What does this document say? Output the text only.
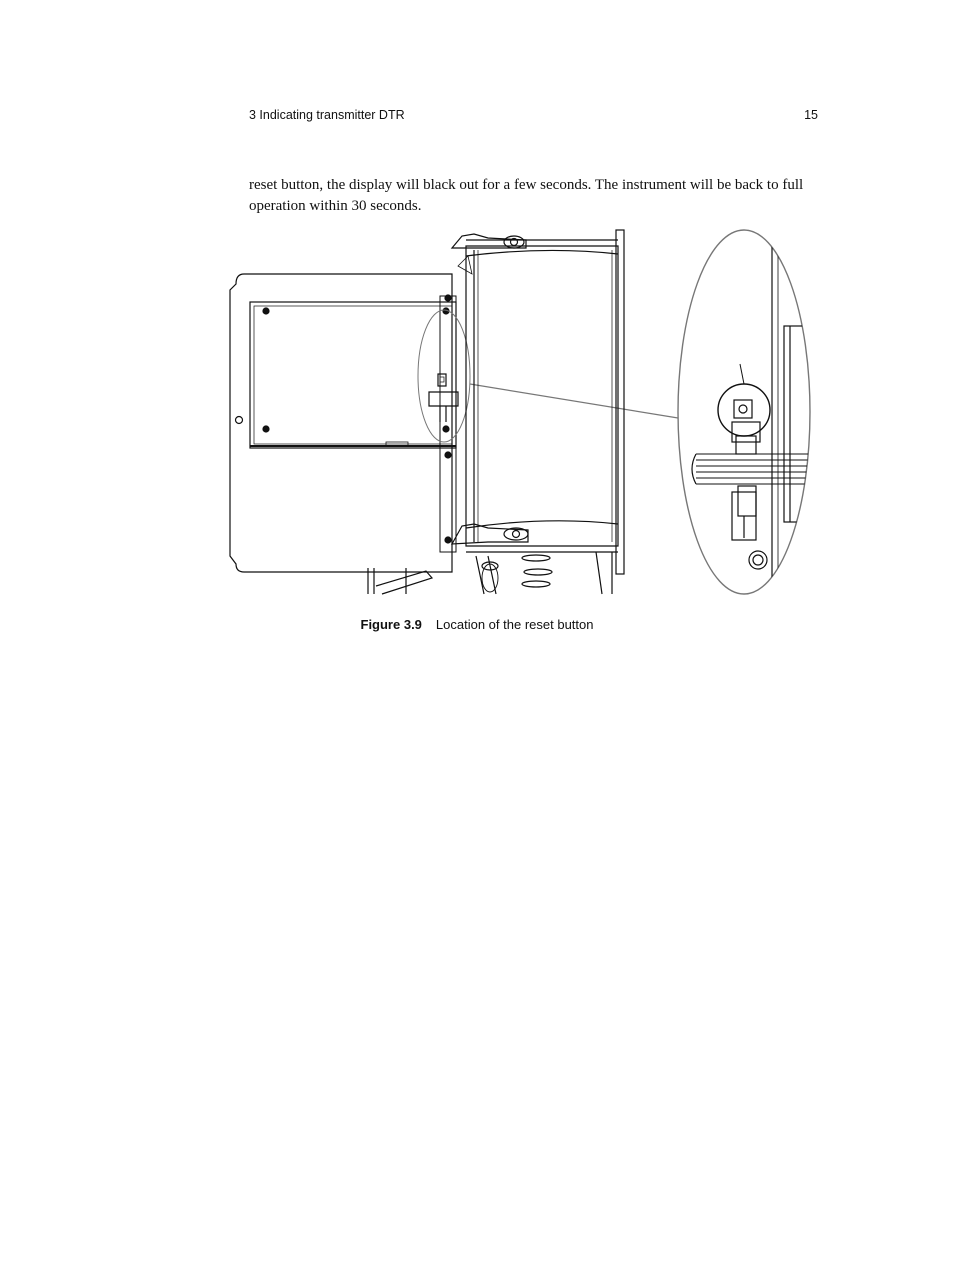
3 Indicating transmitter DTR	15

reset button, the display will black out for a few seconds. The instrument will be back to full operation within 30 seconds.

Figure 3.9 Location of the reset button
